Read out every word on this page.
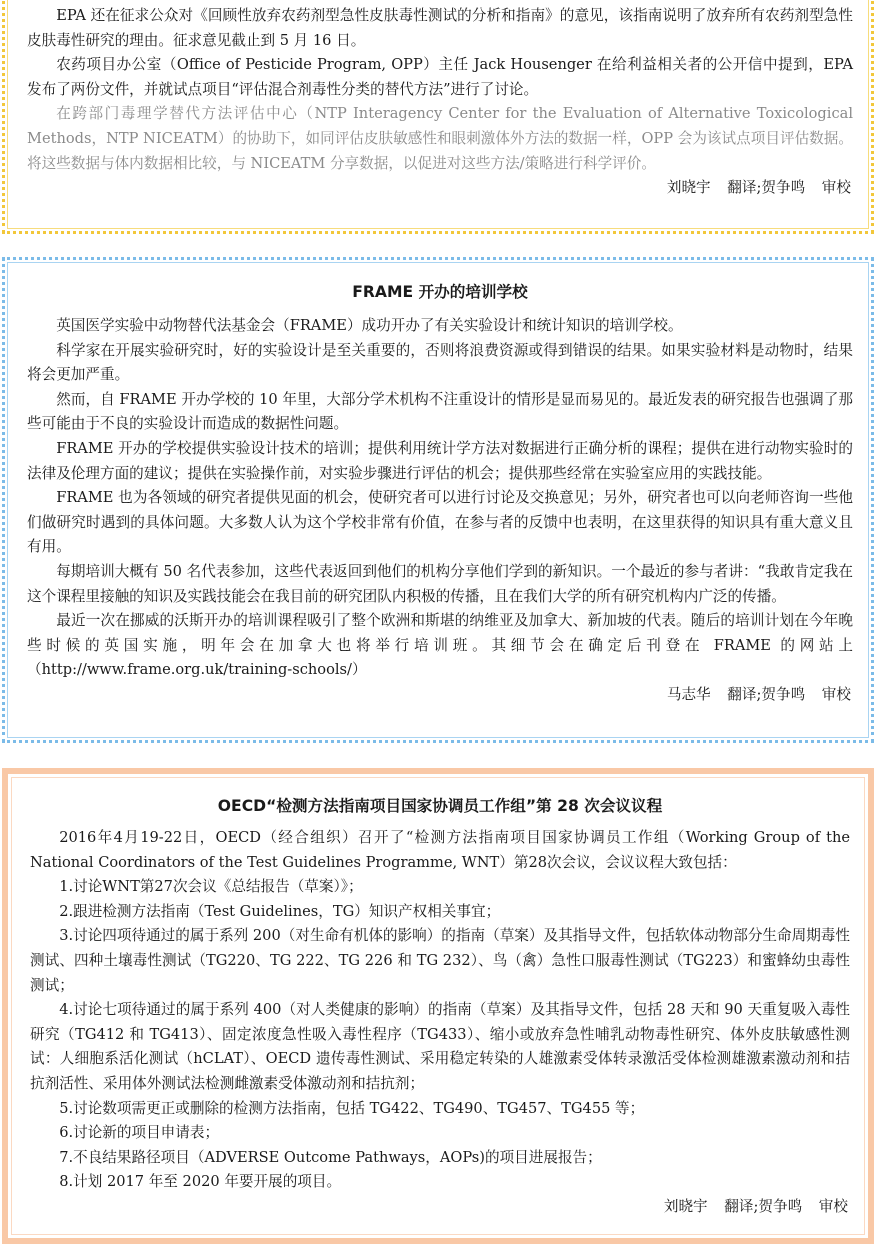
EPA 还在征求公众对《回顾性放弃农药剂型急性皮肤毒性测试的分析和指南》的意见，该指南说明了放弃所有农药剂型急性皮肤毒性研究的理由。征求意见截止到 5 月 16 日。

农药项目办公室（Office of Pesticide Program, OPP）主任 Jack Housenger 在给利益相关者的公开信中提到，EPA 发布了两份文件，并就试点项目“评估混合剂毒性分类的替代方法”进行了讨论。

在跨部门毒理学替代方法评估中心（NTP Interagency Center for the Evaluation of Alternative Toxicological Methods，NTP NICEATM）的协助下，如同评估皮肤敏感性和眼刺激体外方法的数据一样，OPP 会为该试点项目评估数据。将这些数据与体内数据相比较，与 NICEATM 分享数据，以促进对这些方法/策略进行科学评价。

刘晓宇 翻译;贺争鸣 审校
FRAME 开办的培训学校

英国医学实验中动物替代法基金会（FRAME）成功开办了有关实验设计和统计知识的培训学校。

科学家在开展实验研究时，好的实验设计是至关重要的，否则将浪费资源或得到错误的结果。如果实验材料是动物时，结果将会更加严重。

然而，自 FRAME 开办学校的 10 年里，大部分学术机构不注重设计的情形是显而易见的。最近发表的研究报告也强调了那些可能由于不良的实验设计而造成的数据性问题。

FRAME 开办的学校提供实验设计技术的培训；提供利用统计学方法对数据进行正确分析的课程；提供在进行动物实验时的法律及伦理方面的建议；提供在实验操作前，对实验步骤进行评估的机会；提供那些经常在实验室应用的实践技能。

FRAME 也为各领域的研究者提供见面的机会，使研究者可以进行讨论及交换意见；另外，研究者也可以向老师咨询一些他们做研究时遇到的具体问题。大多数人认为这个学校非常有价值，在参与者的反馈中也表明，在这里获得的知识具有重大意义且有用。

每期培训大概有 50 名代表参加，这些代表返回到他们的机构分享他们学到的新知识。一个最近的参与者讲：“我敢肯定我在这个课程里接触的知识及实践技能会在我目前的研究团队内积极的传播，且在我们大学的所有研究机构内广泛的传播。

最近一次在挪威的沃斯开办的培训课程吸引了整个欧洲和斯堪的纳维亚及加拿大、新加坡的代表。随后的培训计划在今年晚些时候的英国实施，明年会在加拿大也将举行培训班。其细节会在确定后刊登在 FRAME 的网站上（http://www.frame.org.uk/training-schools/）

马志华 翻译;贺争鸣 审校
OECD“检测方法指南项目国家协调员工作组”第 28 次会议议程

2016年4月19-22日，OECD（经合组织）召开了“检测方法指南项目国家协调员工作组（Working Group of the National Coordinators of the Test Guidelines Programme, WNT）第28次会议，会议议程大致包括：

1.讨论WNT第27次会议《总结报告（草案）》；

2.跟进检测方法指南（Test Guidelines，TG）知识产权相关事宜；

3.讨论四项待通过的属于系列 200（对生命有机体的影响）的指南（草案）及其指导文件，包括软体动物部分生命周期毒性测试、四种土壤毒性测试（TG220、TG 222、TG 226 和 TG 232）、鸟（禽）急性口服毒性测试（TG223）和蜜蜂幼虫毒性测试；

4.讨论七项待通过的属于系列 400（对人类健康的影响）的指南（草案）及其指导文件，包括 28 天和 90 天重复吸入毒性研究（TG412 和 TG413）、固定浓度急性吸入毒性程序（TG433）、缩小或放弃急性哺乳动物毒性研究、体外皮肤敏感性测试：人细胞系活化测试（hCLAT）、OECD 遗传毒性测试、采用稳定转染的人雄激素受体转录激活受体检测雄激素激动剂和拮抗剂活性、采用体外测试法检测雌激素受体激动剂和拮抗剂；

5.讨论数项需更正或删除的检测方法指南，包括 TG422、TG490、TG457、TG455 等；

6.讨论新的项目申请表；

7.不良结果路径项目（ADVERSE Outcome Pathways，AOPs)的项目进展报告；

8.计划 2017 年至 2020 年要开展的项目。

刘晓宇 翻译;贺争鸣 审校
